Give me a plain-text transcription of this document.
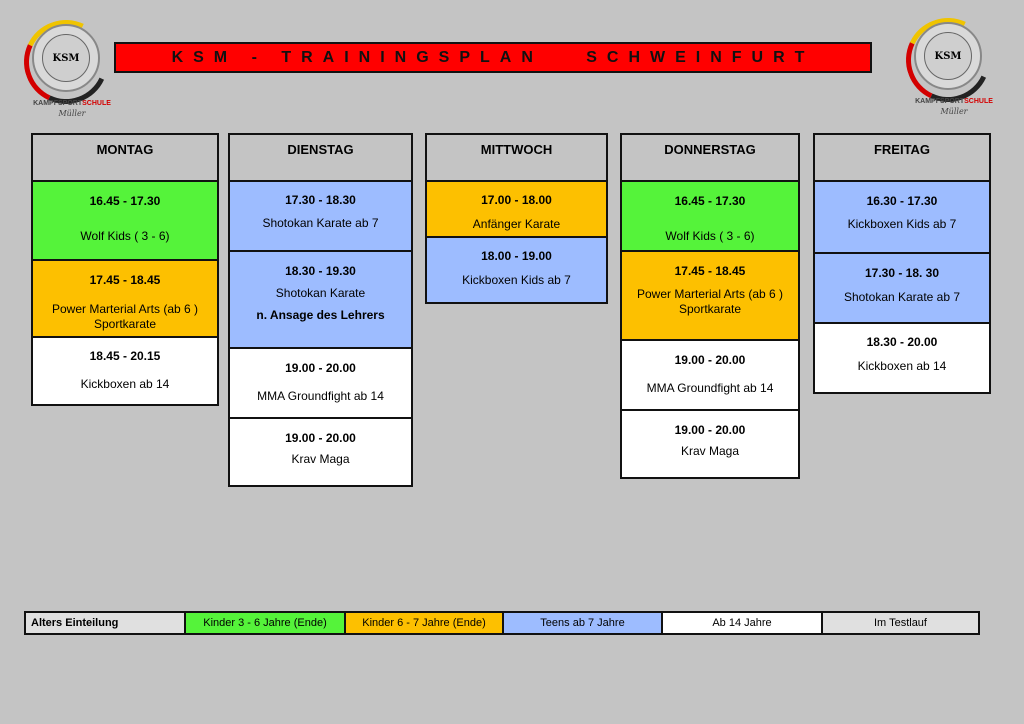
KSM
KAMPFSPORTSCHULE
Müller
KSM
KAMPFSPORTSCHULE
Müller
KSM - TRAININGSPLAN   SCHWEINFURT
MONTAG
16.45 - 17.30
Wolf Kids ( 3 - 6)
17.45 - 18.45
Power Marterial Arts (ab 6 )
Sportkarate
18.45 - 20.15
Kickboxen ab 14
DIENSTAG
17.30 - 18.30
Shotokan Karate ab 7
18.30 - 19.30
Shotokan Karate
n. Ansage des Lehrers
19.00 - 20.00
MMA Groundfight ab 14
19.00 - 20.00
Krav Maga
MITTWOCH
17.00 - 18.00
Anfänger Karate
18.00 - 19.00
Kickboxen Kids ab 7
DONNERSTAG
16.45 - 17.30
Wolf Kids ( 3 - 6)
17.45 - 18.45
Power Marterial Arts (ab 6 )
Sportkarate
19.00 - 20.00
MMA Groundfight ab 14
19.00 - 20.00
Krav Maga
FREITAG
16.30 - 17.30
Kickboxen Kids ab 7
17.30 - 18. 30
Shotokan Karate ab 7
18.30 - 20.00
Kickboxen ab 14
Alters Einteilung	Kinder 3 - 6 Jahre (Ende)	Kinder 6 - 7 Jahre (Ende)	Teens ab 7 Jahre	Ab 14 Jahre	Im Testlauf
